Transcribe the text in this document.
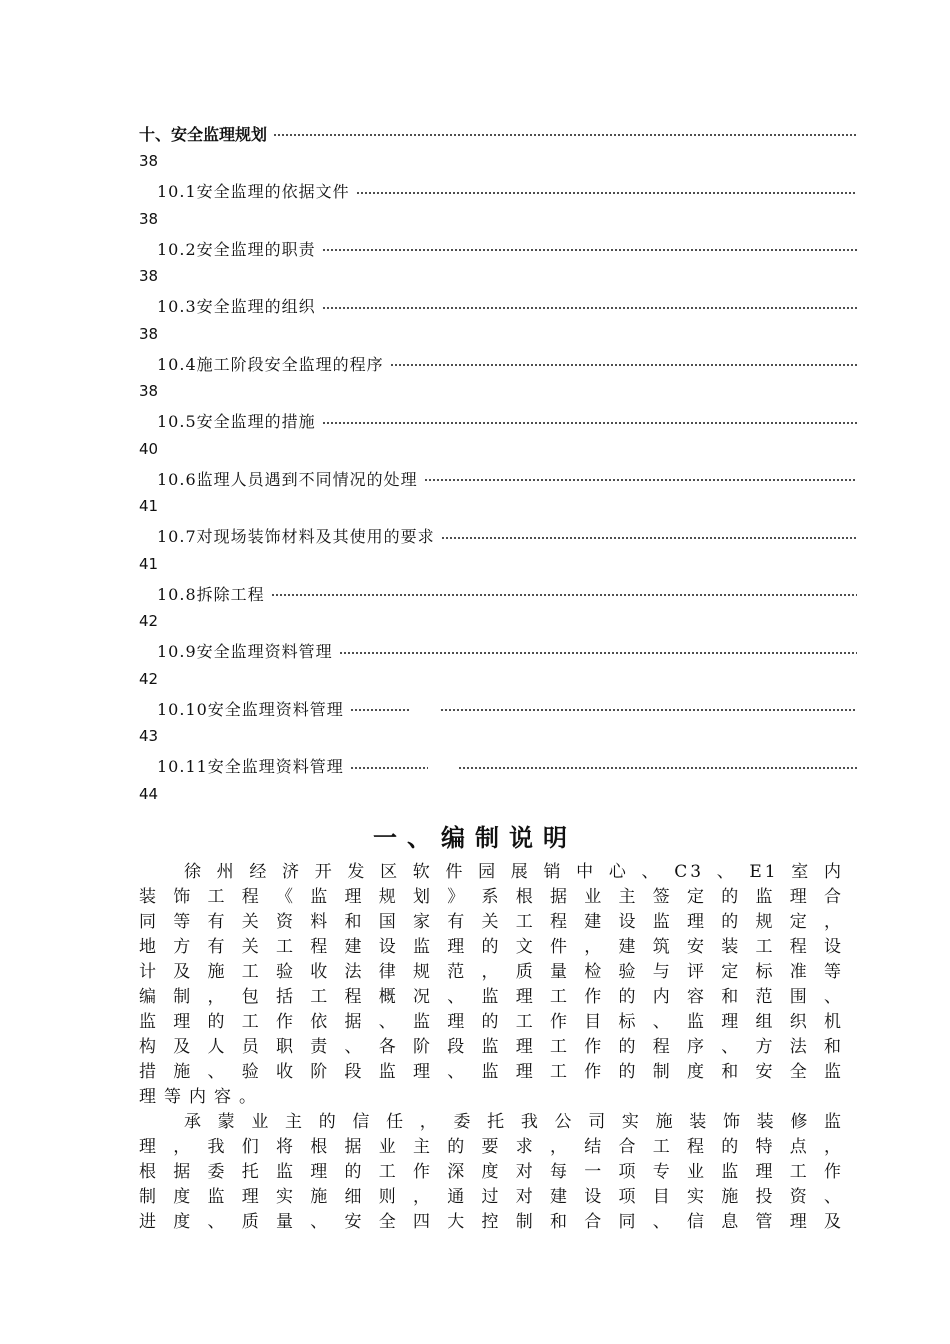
十、安全监理规划
38
10.1安全监理的依据文件
38
10.2安全监理的职责
38
10.3安全监理的组织
38
10.4施工阶段安全监理的程序
38
10.5安全监理的措施
40
10.6监理人员遇到不同情况的处理
41
10.7对现场装饰材料及其使用的要求
41
10.8拆除工程
42
10.9安全监理资料管理
42
10.10安全监理资料管理
43
10.11安全监理资料管理
44
一、编制说明
徐州经济开发区软件园展销中心、C3、E1室内
装饰工程《监理规划》系根据业主签定的监理合
同等有关资料和国家有关工程建设监理的规定，
地方有关工程建设监理的文件，建筑安装工程设
计及施工验收法律规范，质量检验与评定标准等
编制，包括工程概况、监理工作的内容和范围、
监理的工作依据、监理的工作目标、监理组织机
构及人员职责、各阶段监理工作的程序、方法和
措施、验收阶段监理、监理工作的制度和安全监
理等内容。
承蒙业主的信任，委托我公司实施装饰装修监
理，我们将根据业主的要求，结合工程的特点，
根据委托监理的工作深度对每一项专业监理工作
制度监理实施细则，通过对建设项目实施投资、
进度、质量、安全四大控制和合同、信息管理及
